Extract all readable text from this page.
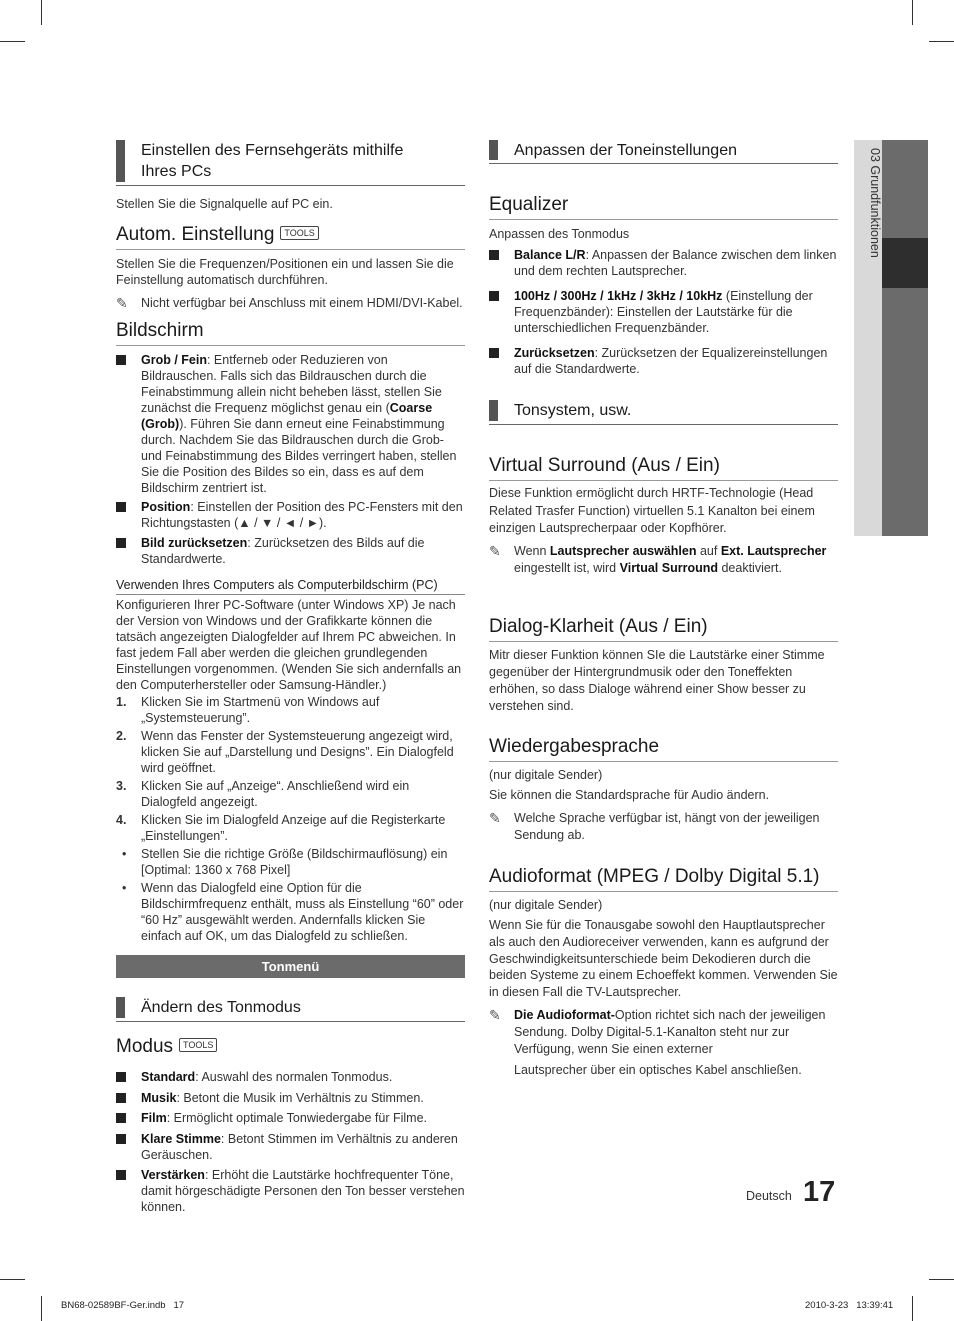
Einstellen des Fernsehgeräts mithilfe Ihres PCs
Stellen Sie die Signalquelle auf PC ein.
Autom. Einstellung TOOLS
Stellen Sie die Frequenzen/Positionen ein und lassen Sie die Feinstellung automatisch durchführen.
✎ Nicht verfügbar bei Anschluss mit einem HDMI/DVI-Kabel.
Bildschirm
Grob / Fein: Entferneb oder Reduzieren von Bildrauschen. Falls sich das Bildrauschen durch die Feinabstimmung allein nicht beheben lässt, stellen Sie zunächst die Frequenz möglichst genau ein (Coarse (Grob)). Führen Sie dann erneut eine Feinabstimmung durch. Nachdem Sie das Bildrauschen durch die Grob- und Feinabstimmung des Bildes verringert haben, stellen Sie die Position des Bildes so ein, dass es auf dem Bildschirm zentriert ist.
Position: Einstellen der Position des PC-Fensters mit den Richtungstasten (▲ / ▼ / ◄ / ►).
Bild zurücksetzen: Zurücksetzen des Bilds auf die Standardwerte.
Verwenden Ihres Computers als Computerbildschirm (PC)
Konfigurieren Ihrer PC-Software (unter Windows XP) Je nach der Version von Windows und der Grafikkarte können die tatsäch angezeigten Dialogfelder auf Ihrem PC abweichen. In fast jedem Fall aber werden die gleichen grundlegenden Einstellungen vorgenommen. (Wenden Sie sich andernfalls an den Computerhersteller oder Samsung-Händler.)
1. Klicken Sie im Startmenü von Windows auf „Systemsteuerung”.
2. Wenn das Fenster der Systemsteuerung angezeigt wird, klicken Sie auf „Darstellung und Designs”. Ein Dialogfeld wird geöffnet.
3. Klicken Sie auf „Anzeige“. Anschließend wird ein Dialogfeld angezeigt.
4. Klicken Sie im Dialogfeld Anzeige auf die Registerkarte „Einstellungen”.
• Stellen Sie die richtige Größe (Bildschirmauflösung) ein [Optimal: 1360 x 768 Pixel]
• Wenn das Dialogfeld eine Option für die Bildschirmfrequenz enthält, muss als Einstellung “60” oder “60 Hz” ausgewählt werden. Andernfalls klicken Sie einfach auf OK, um das Dialogfeld zu schließen.
Tonmenü
Ändern des Tonmodus
Modus TOOLS
Standard: Auswahl des normalen Tonmodus.
Musik: Betont die Musik im Verhältnis zu Stimmen.
Film: Ermöglicht optimale Tonwiedergabe für Filme.
Klare Stimme: Betont Stimmen im Verhältnis zu anderen Geräuschen.
Verstärken: Erhöht die Lautstärke hochfrequenter Töne, damit hörgeschädigte Personen den Ton besser verstehen können.
Anpassen der Toneinstellungen
Equalizer
Anpassen des Tonmodus
Balance L/R: Anpassen der Balance zwischen dem linken und dem rechten Lautsprecher.
100Hz / 300Hz / 1kHz / 3kHz / 10kHz (Einstellung der Frequenzbänder): Einstellen der Lautstärke für die unterschiedlichen Frequenzbänder.
Zurücksetzen: Zurücksetzen der Equalizereinstellungen auf die Standardwerte.
Tonsystem, usw.
Virtual Surround (Aus / Ein)
Diese Funktion ermöglicht durch HRTF-Technologie (Head Related Trasfer Function) virtuellen 5.1 Kanalton bei einem einzigen Lautsprecherpaar oder Kopfhörer.
✎ Wenn Lautsprecher auswählen auf Ext. Lautsprecher eingestellt ist, wird Virtual Surround deaktiviert.
Dialog-Klarheit (Aus / Ein)
Mitr dieser Funktion können SIe die Lautstärke einer Stimme gegenüber der Hintergrundmusik oder den Toneffekten erhöhen, so dass Dialoge während einer Show besser zu verstehen sind.
Wiedergabesprache
(nur digitale Sender)
Sie können die Standardsprache für Audio ändern.
✎ Welche Sprache verfügbar ist, hängt von der jeweiligen Sendung ab.
Audioformat (MPEG / Dolby Digital 5.1)
(nur digitale Sender)
Wenn Sie für die Tonausgabe sowohl den Hauptlautsprecher als auch den Audioreceiver verwenden, kann es aufgrund der Geschwindigkeitsunterschiede beim Dekodieren durch die beiden Systeme zu einem Echoeffekt kommen. Verwenden Sie in diesen Fall die TV-Lautsprecher.
✎ Die Audioformat-Option richtet sich nach der jeweiligen Sendung. Dolby Digital-5.1-Kanalton steht nur zur Verfügung, wenn Sie einen externer
Lautsprecher über ein optisches Kabel anschließen.
03 Grundfunktionen
Deutsch 17
BN68-02589BF-Ger.indb   17	2010-3-23   13:39:41
